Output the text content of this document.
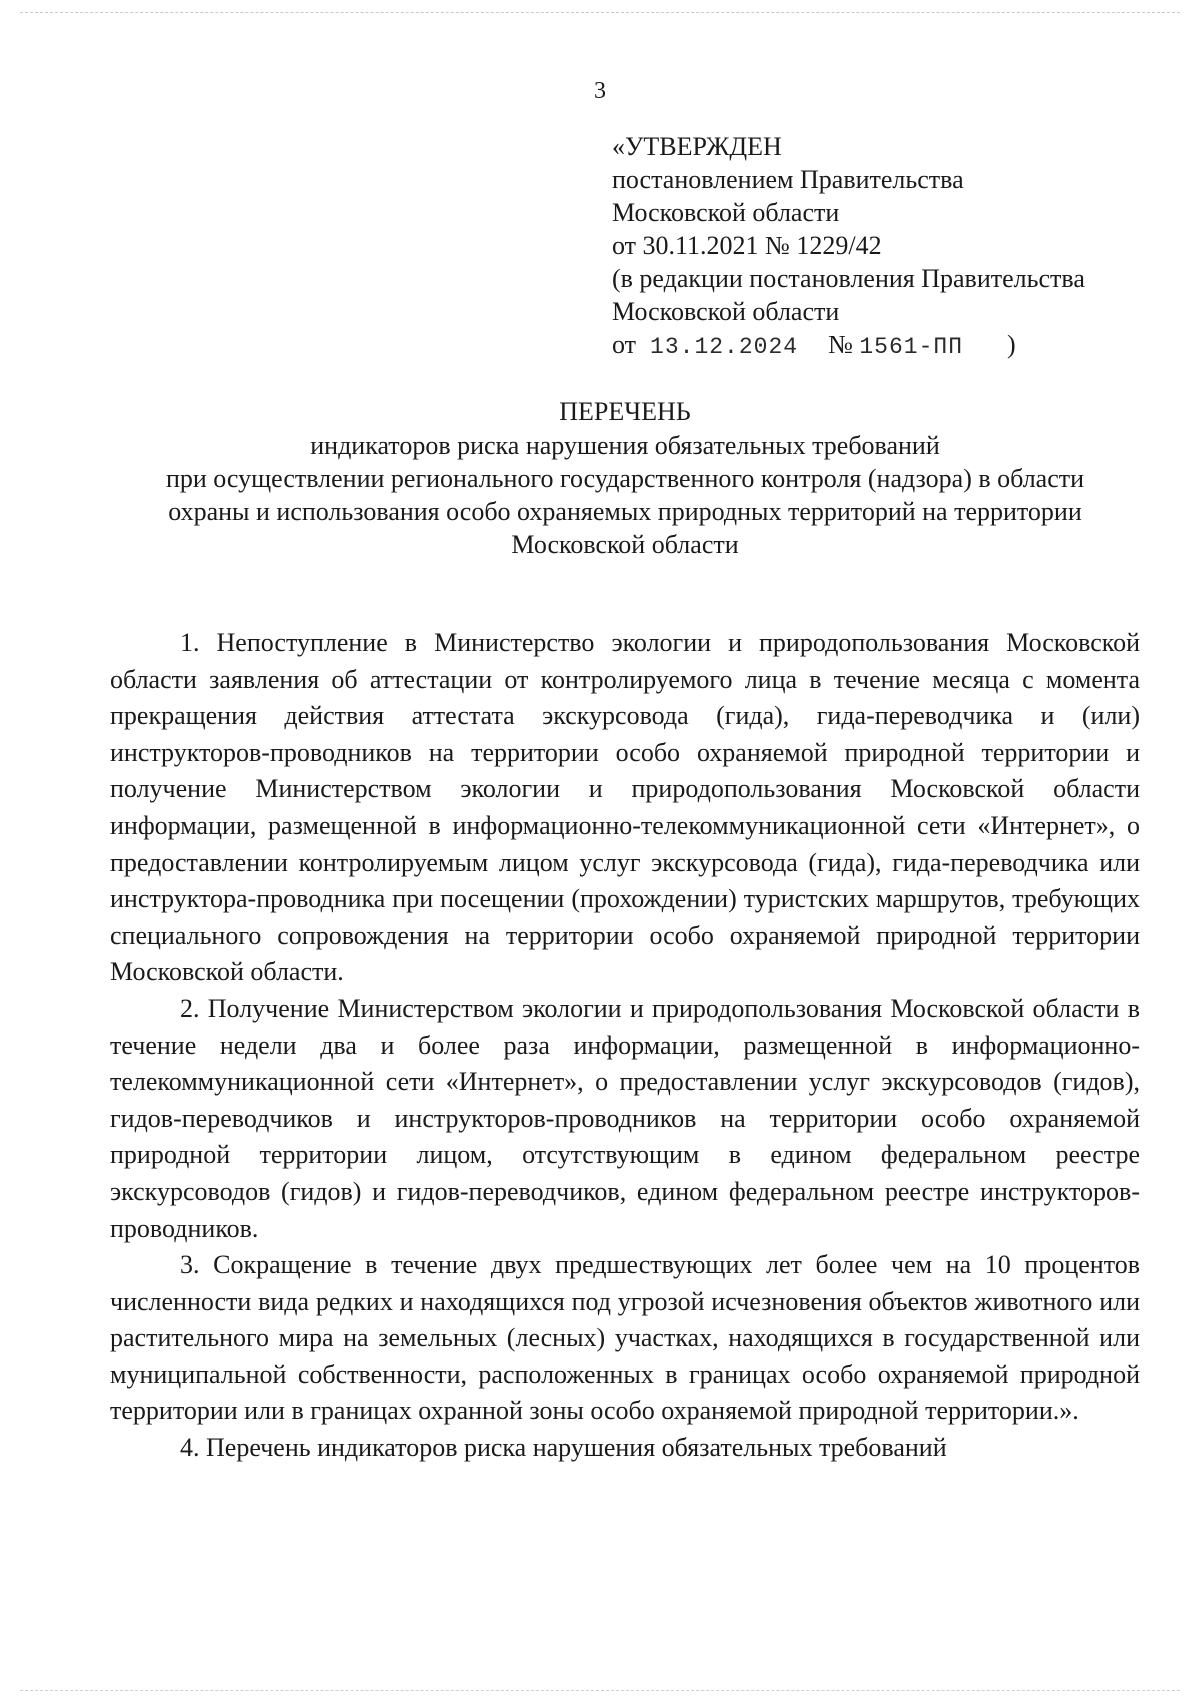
3
«УТВЕРЖДЕН
постановлением Правительства
Московской области
от 30.11.2021 № 1229/42
(в редакции постановления Правительства
Московской области
от 13.12.2024 № 1561-ПП )
ПЕРЕЧЕНЬ
индикаторов риска нарушения обязательных требований
при осуществлении регионального государственного контроля (надзора) в области
охраны и использования особо охраняемых природных территорий на территории
Московской области

1. Непоступление в Министерство экологии и природопользования Московской области заявления об аттестации от контролируемого лица в течение месяца с момента прекращения действия аттестата экскурсовода (гида), гида-переводчика и (или) инструкторов-проводников на территории особо охраняемой природной территории и получение Министерством экологии и природопользования Московской области информации, размещенной в информационно-телекоммуникационной сети «Интернет», о предоставлении контролируемым лицом услуг экскурсовода (гида), гида-переводчика или инструктора-проводника при посещении (прохождении) туристских маршрутов, требующих специального сопровождения на территории особо охраняемой природной территории Московской области.

2. Получение Министерством экологии и природопользования Московской области в течение недели два и более раза информации, размещенной в информационно-телекоммуникационной сети «Интернет», о предоставлении услуг экскурсоводов (гидов), гидов-переводчиков и инструкторов-проводников на территории особо охраняемой природной территории лицом, отсутствующим в едином федеральном реестре экскурсоводов (гидов) и гидов-переводчиков, едином федеральном реестре инструкторов-проводников.

3. Сокращение в течение двух предшествующих лет более чем на 10 процентов численности вида редких и находящихся под угрозой исчезновения объектов животного или растительного мира на земельных (лесных) участках, находящихся в государственной или муниципальной собственности, расположенных в границах особо охраняемой природной территории или в границах охранной зоны особо охраняемой природной территории.».

4. Перечень индикаторов риска нарушения обязательных требований
